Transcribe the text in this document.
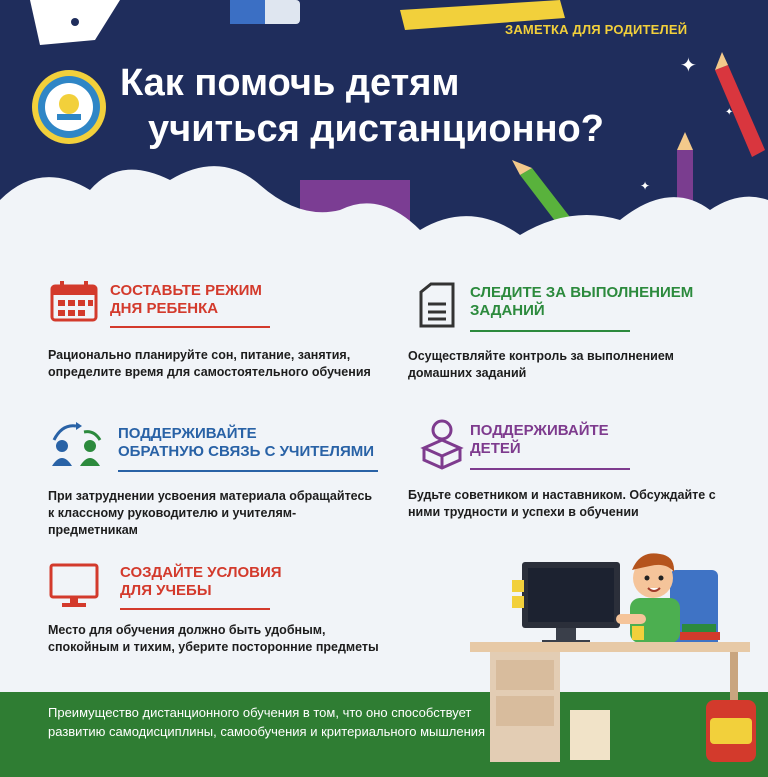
✦
✦
✦
ЗАМЕТКА ДЛЯ РОДИТЕЛЕЙ
Как помочь детям
учиться дистанционно?
СОСТАВЬТЕ РЕЖИМ
ДНЯ РЕБЕНКА
Рационально планируйте сон, питание, занятия, определите время для самостоятельного обучения
СЛЕДИТЕ ЗА ВЫПОЛНЕНИЕМ
ЗАДАНИЙ
Осуществляйте контроль за выполнением домашних заданий
ПОДДЕРЖИВАЙТЕ
ОБРАТНУЮ СВЯЗЬ С УЧИТЕЛЯМИ
При затруднении усвоения материала обращайтесь к классному руководителю и учителям-предметникам
ПОДДЕРЖИВАЙТЕ
ДЕТЕЙ
Будьте советником и наставником. Обсуждайте с ними трудности и успехи в обучении
СОЗДАЙТЕ УСЛОВИЯ
ДЛЯ УЧЕБЫ
Место для обучения должно быть удобным, спокойным и тихим, уберите посторонние предметы
Преимущество дистанционного обучения в том, что оно способствует развитию самодисциплины, самообучения и критериального мышления
